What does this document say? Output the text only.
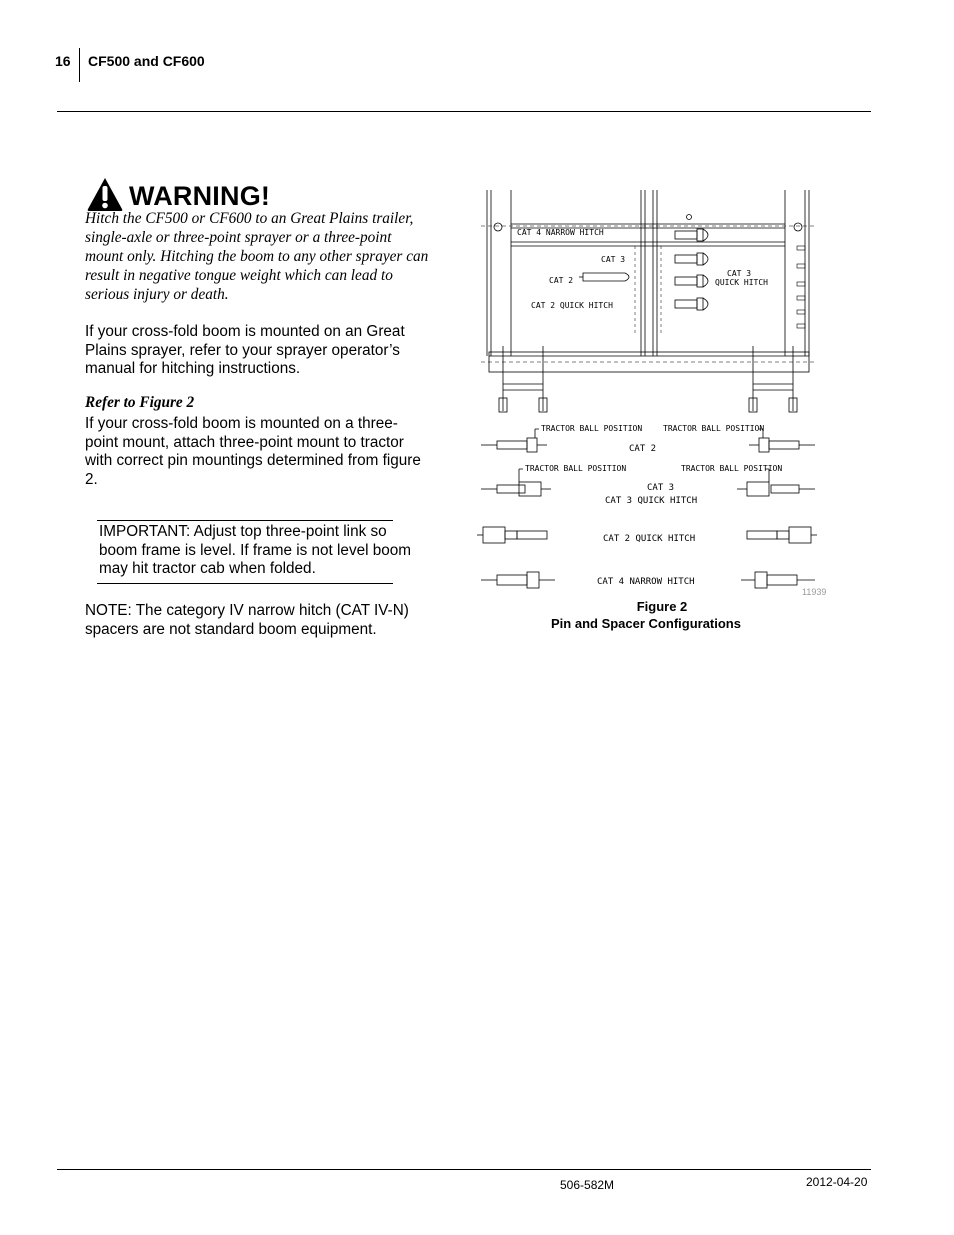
16 CF500 and CF600
WARNING!
Hitch the CF500 or CF600 to an Great Plains trailer, single-axle or three-point sprayer or a three-point mount only. Hitching the boom to any other sprayer can result in negative tongue weight which can lead to serious injury or death.
If your cross-fold boom is mounted on an Great Plains sprayer, refer to your sprayer operator’s manual for hitching instructions.
Refer to Figure 2
If your cross-fold boom is mounted on a three-point mount, attach three-point mount to tractor with correct pin mountings determined from figure 2.
IMPORTANT: Adjust top three-point link so boom frame is level. If frame is not level boom may hit tractor cab when folded.
NOTE: The category IV narrow hitch (CAT IV-N) spacers are not standard boom equipment.
CAT 4 NARROW HITCH
CAT 3
CAT 2
CAT 2 QUICK HITCH
CAT 3
QUICK HITCH
TRACTOR BALL POSITION	TRACTOR BALL POSITION
TRACTOR BALL POSITION	TRACTOR BALL POSITION
CAT 2
CAT 3
CAT 3 QUICK HITCH
CAT 2 QUICK HITCH
CAT 4 NARROW HITCH
11939
Figure 2
Pin and Spacer Configurations
506-582M	2012-04-20
